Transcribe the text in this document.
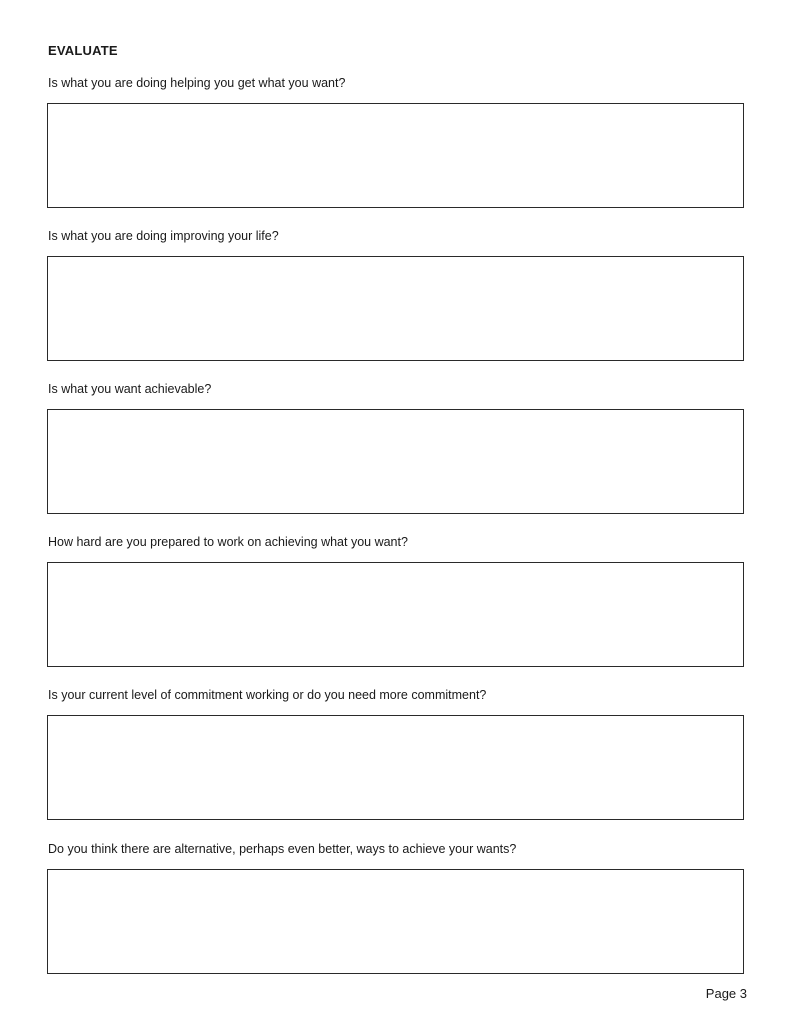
EVALUATE

Is what you are doing helping you get what you want?

Is what you are doing improving your life?

Is what you want achievable?

How hard are you prepared to work on achieving what you want?

Is your current level of commitment working or do you need more commitment?

Do you think there are alternative, perhaps even better, ways to achieve your wants?

Page 3
